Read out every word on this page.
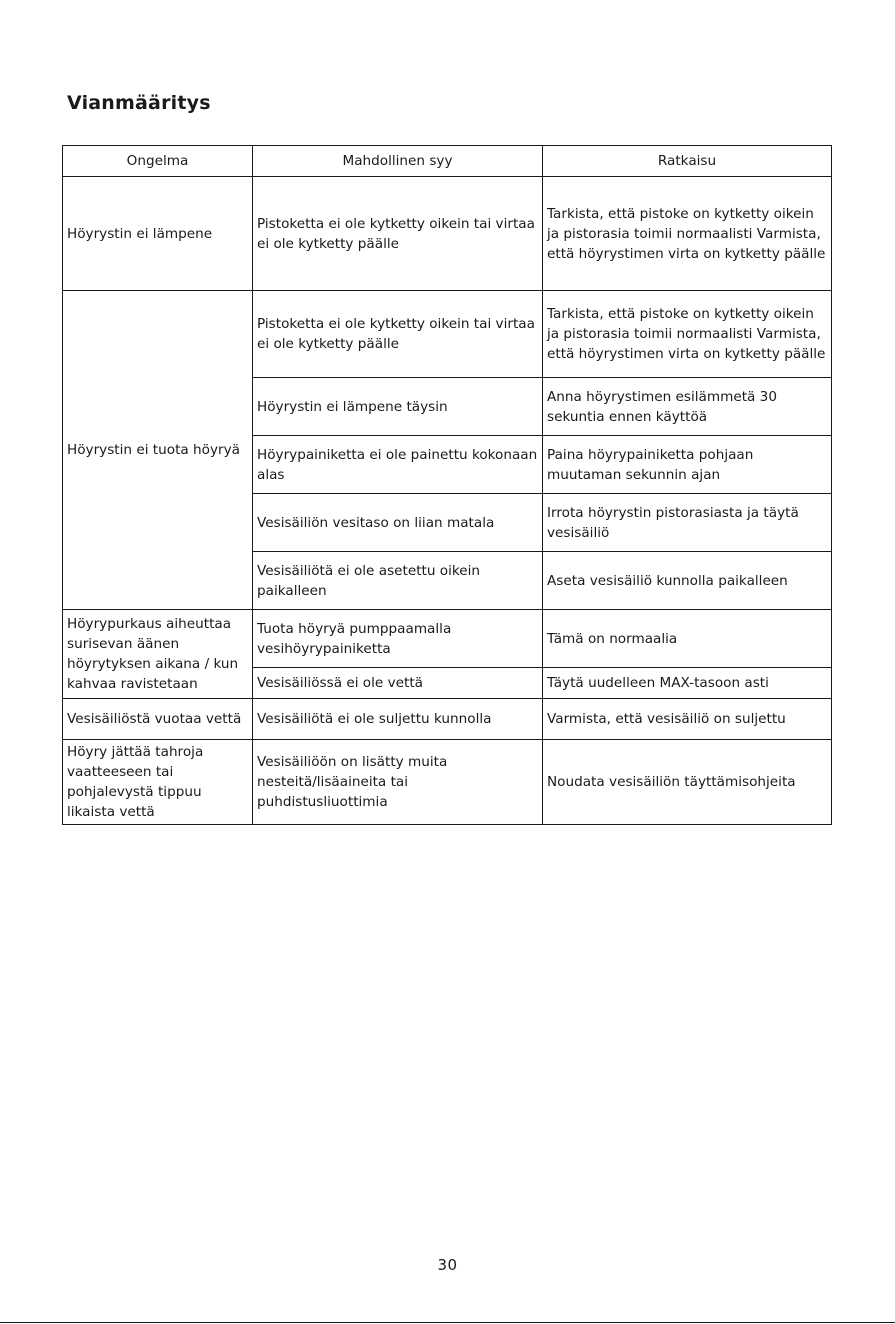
Vianmääritys
Ongelma	Mahdollinen syy	Ratkaisu
Höyrystin ei lämpene	Pistoketta ei ole kytketty oikein tai virtaa ei ole kytketty päälle	Tarkista, että pistoke on kytketty oikein ja pistorasia toimii normaalisti Varmista, että höyrystimen virta on kytketty päälle
Höyrystin ei tuota höyryä	Pistoketta ei ole kytketty oikein tai virtaa ei ole kytketty päälle	Tarkista, että pistoke on kytketty oikein ja pistorasia toimii normaalisti Varmista, että höyrystimen virta on kytketty päälle
	Höyrystin ei lämpene täysin	Anna höyrystimen esilämmetä 30 sekuntia ennen käyttöä
	Höyrypainiketta ei ole painettu kokonaan alas	Paina höyrypainiketta pohjaan muutaman sekunnin ajan
	Vesisäiliön vesitaso on liian matala	Irrota höyrystin pistorasiasta ja täytä vesisäiliö
	Vesisäiliötä ei ole asetettu oikein paikalleen	Aseta vesisäiliö kunnolla paikalleen
Höyrypurkaus aiheuttaa surisevan äänen höyrytyksen aikana / kun kahvaa ravistetaan	Tuota höyryä pumppaamalla vesihöyrypainiketta	Tämä on normaalia
	Vesisäiliössä ei ole vettä	Täytä uudelleen MAX-tasoon asti
Vesisäiliöstä vuotaa vettä	Vesisäiliötä ei ole suljettu kunnolla	Varmista, että vesisäiliö on suljettu
Höyry jättää tahroja vaatteeseen tai pohjalevystä tippuu likaista vettä	Vesisäiliöön on lisätty muita nesteitä/lisäaineita tai puhdistusliuottimia	Noudata vesisäiliön täyttämisohjeita
30
